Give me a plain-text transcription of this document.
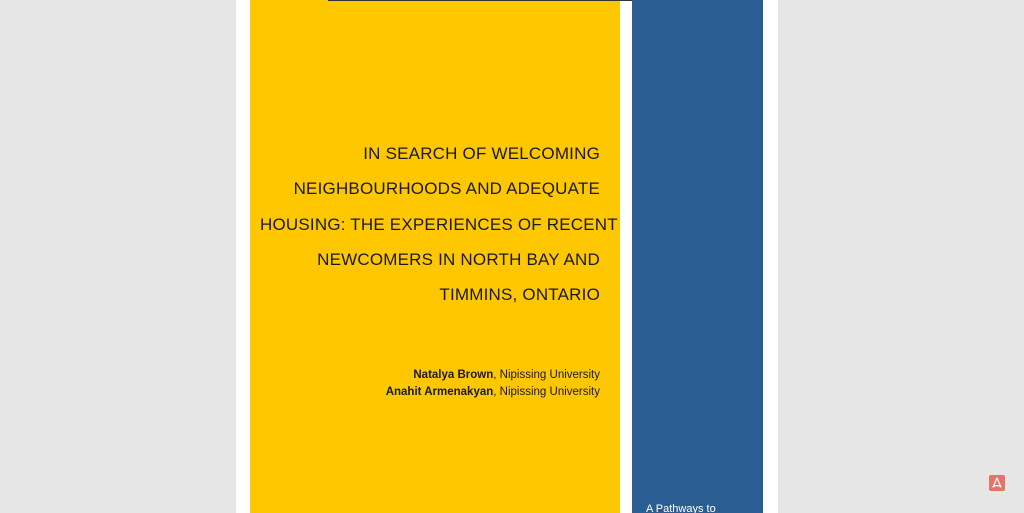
IN SEARCH OF WELCOMING
NEIGHBOURHOODS AND ADEQUATE
HOUSING: THE EXPERIENCES OF RECENT
NEWCOMERS IN NORTH BAY AND
TIMMINS, ONTARIO
Natalya Brown, Nipissing University
Anahit Armenakyan, Nipissing University
A Pathways to
